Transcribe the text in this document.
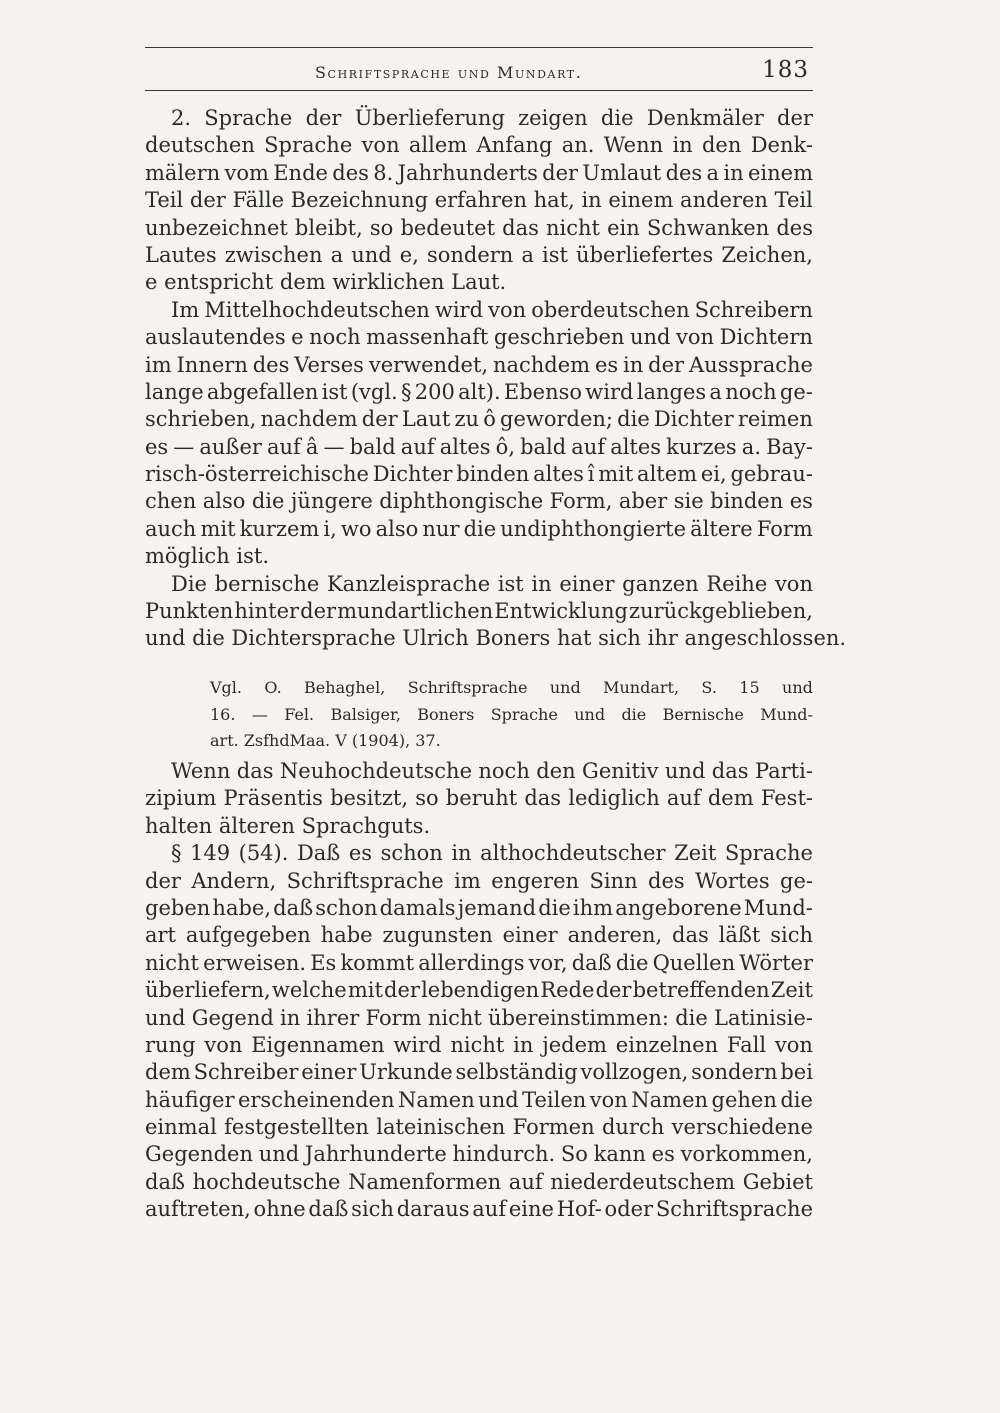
Schriftsprache und Mundart.	183
2. Sprache der Überlieferung zeigen die Denkmäler der
deutschen Sprache von allem Anfang an. Wenn in den Denk-
mälern vom Ende des 8. Jahrhunderts der Umlaut des a in einem
Teil der Fälle Bezeichnung erfahren hat, in einem anderen Teil
unbezeichnet bleibt, so bedeutet das nicht ein Schwanken des
Lautes zwischen a und e, sondern a ist überliefertes Zeichen,
e entspricht dem wirklichen Laut.
Im Mittelhochdeutschen wird von oberdeutschen Schreibern
auslautendes e noch massenhaft geschrieben und von Dichtern
im Innern des Verses verwendet, nachdem es in der Aussprache
lange abgefallen ist (vgl. § 200 alt). Ebenso wird langes a noch ge-
schrieben, nachdem der Laut zu ô geworden; die Dichter reimen
es — außer auf â — bald auf altes ô, bald auf altes kurzes a. Bay-
risch-österreichische Dichter binden altes î mit altem ei, gebrau-
chen also die jüngere diphthongische Form, aber sie binden es
auch mit kurzem i, wo also nur die undiphthongierte ältere Form
möglich ist.
Die bernische Kanzleisprache ist in einer ganzen Reihe von
Punkten hinter der mundartlichen Entwicklung zurückgeblieben,
und die Dichtersprache Ulrich Boners hat sich ihr angeschlossen.
Vgl. O. Behaghel, Schriftsprache und Mundart, S. 15 und
16. — Fel. Balsiger, Boners Sprache und die Bernische Mund-
art. ZsfhdMaa. V (1904), 37.
Wenn das Neuhochdeutsche noch den Genitiv und das Parti-
zipium Präsentis besitzt, so beruht das lediglich auf dem Fest-
halten älteren Sprachguts.
§ 149 (54). Daß es schon in althochdeutscher Zeit Sprache
der Andern, Schriftsprache im engeren Sinn des Wortes ge-
geben habe, daß schon damals jemand die ihm angeborene Mund-
art aufgegeben habe zugunsten einer anderen, das läßt sich
nicht erweisen. Es kommt allerdings vor, daß die Quellen Wörter
überliefern, welche mit der lebendigen Rede der betreffenden Zeit
und Gegend in ihrer Form nicht übereinstimmen: die Latinisie-
rung von Eigennamen wird nicht in jedem einzelnen Fall von
dem Schreiber einer Urkunde selbständig vollzogen, sondern bei
häufiger erscheinenden Namen und Teilen von Namen gehen die
einmal festgestellten lateinischen Formen durch verschiedene
Gegenden und Jahrhunderte hindurch. So kann es vorkommen,
daß hochdeutsche Namenformen auf niederdeutschem Gebiet
auftreten, ohne daß sich daraus auf eine Hof- oder Schriftsprache
